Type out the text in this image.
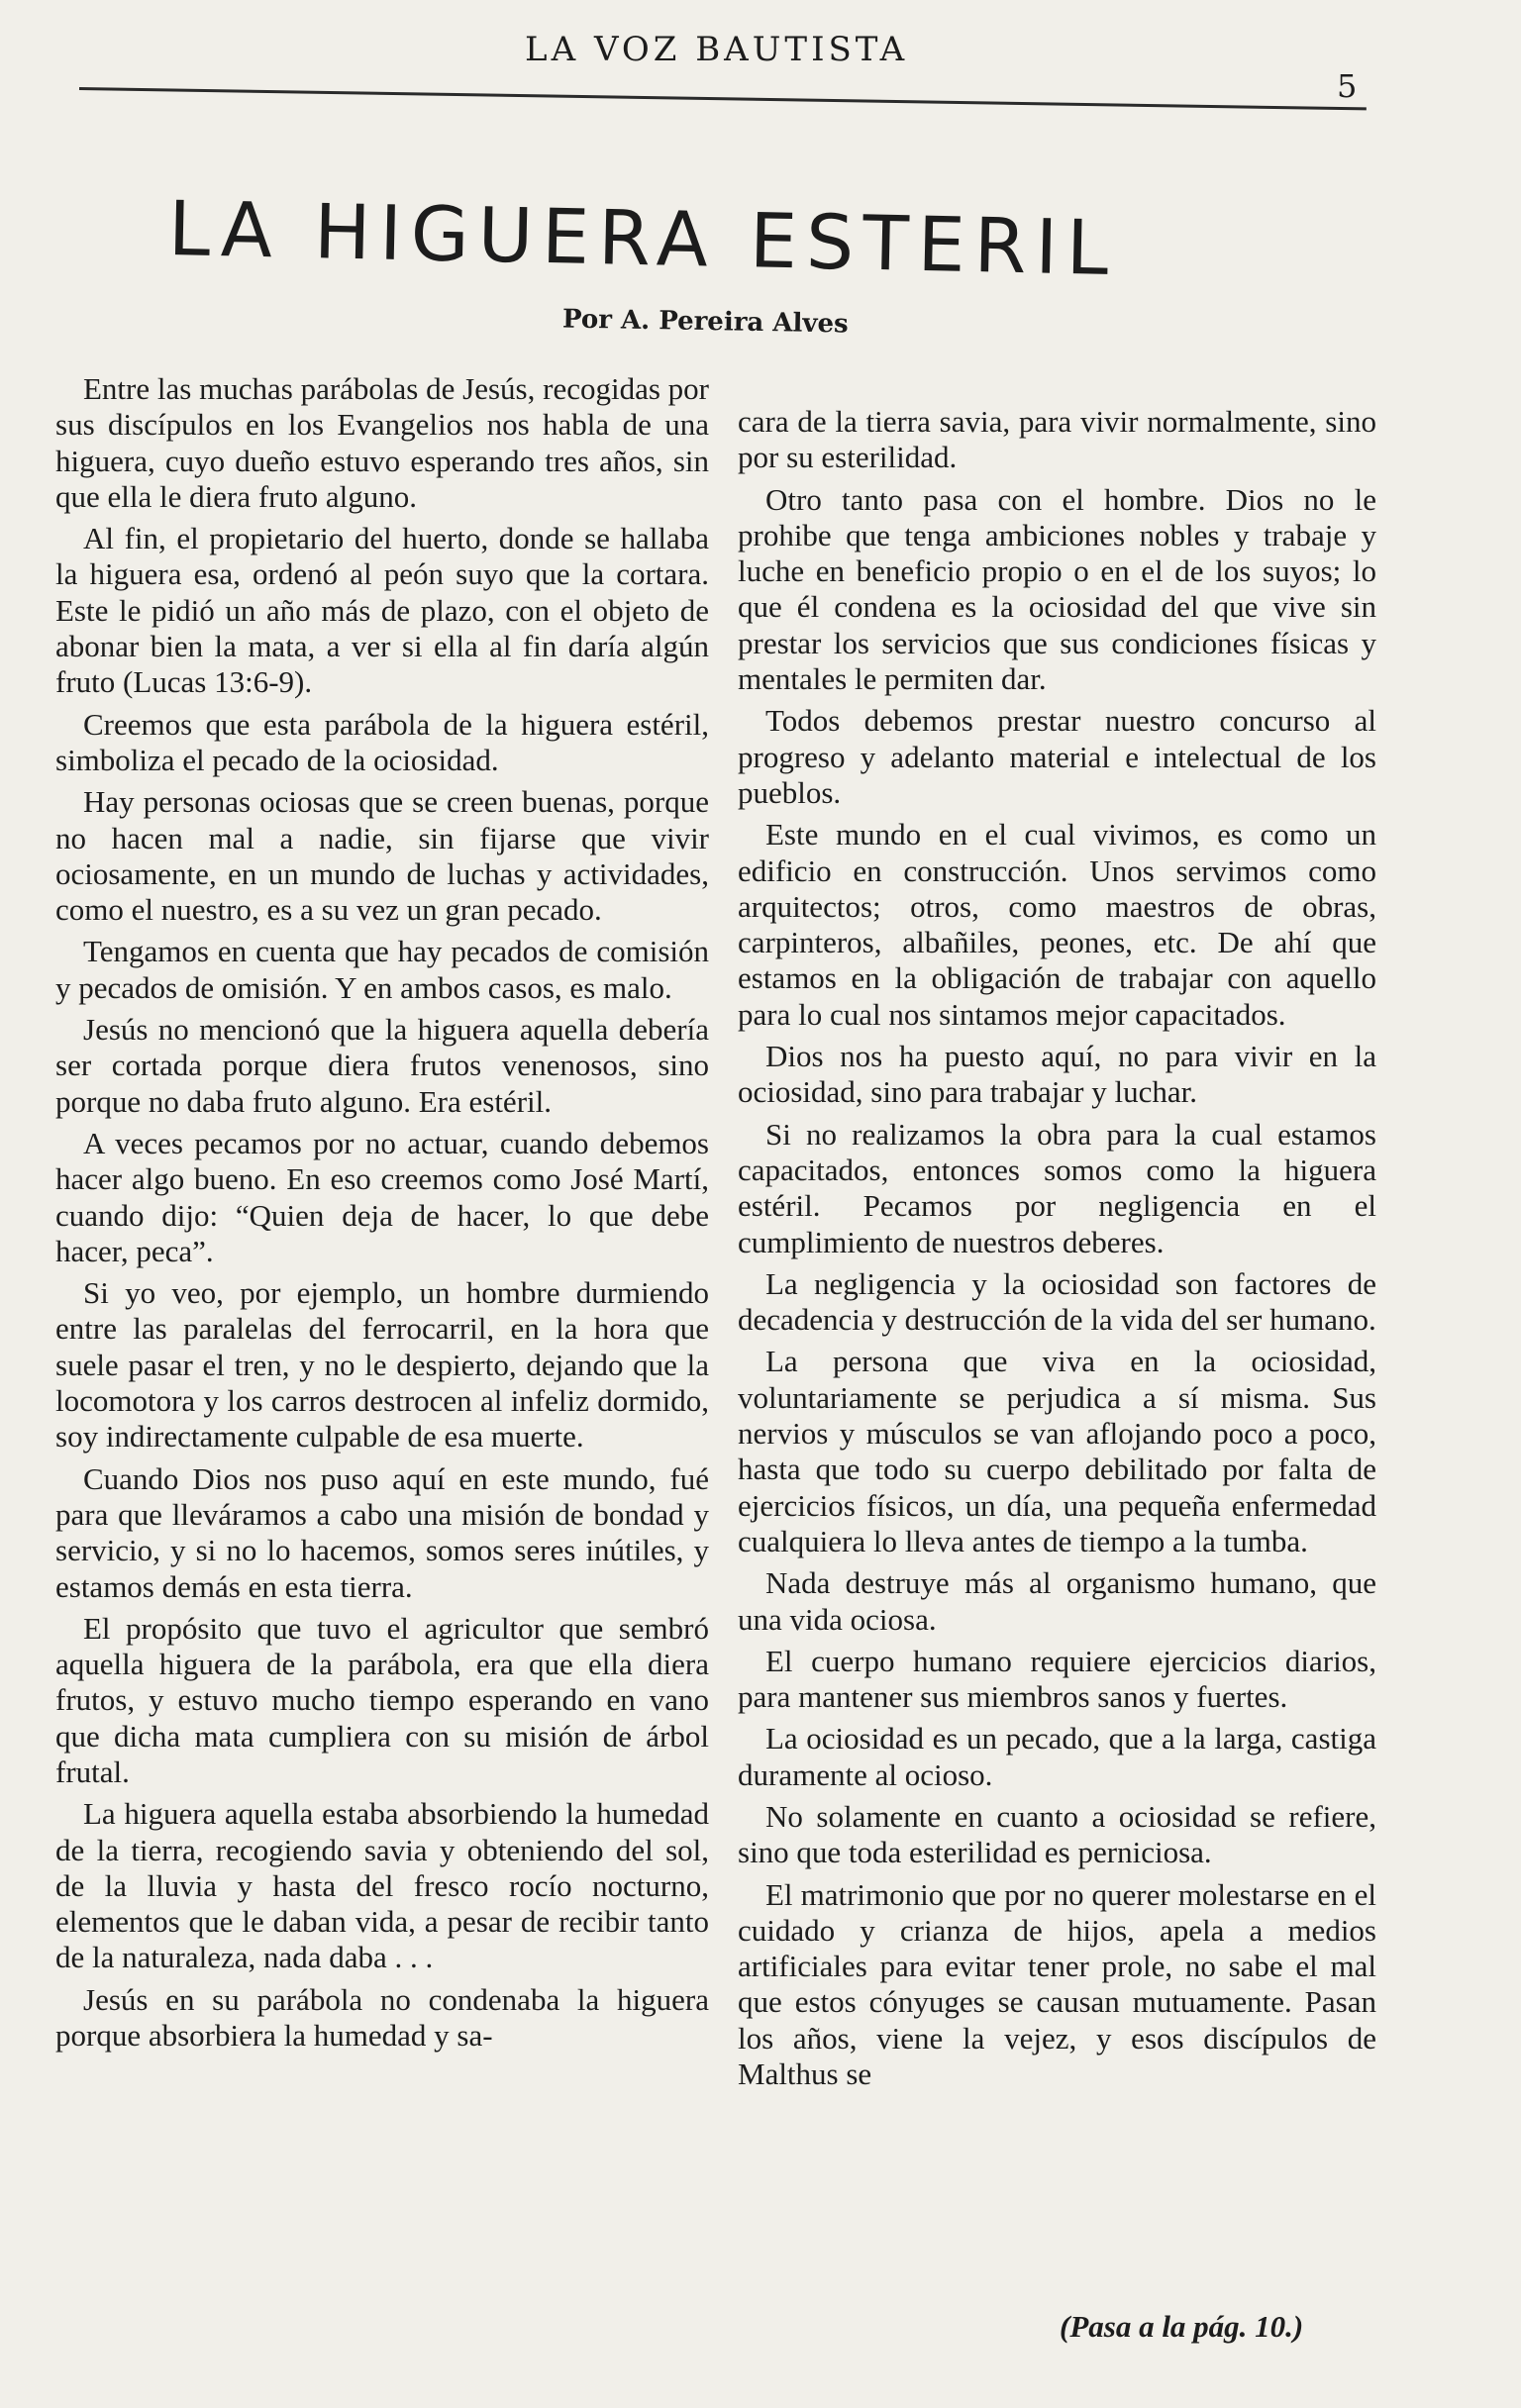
LA VOZ BAUTISTA
5
LA HIGUERA ESTERIL
Por A. Pereira Alves

Entre las muchas parábolas de Jesús, recogidas por sus discípulos en los Evangelios nos habla de una higuera, cuyo dueño estuvo esperando tres años, sin que ella le diera fruto alguno.

Al fin, el propietario del huerto, donde se hallaba la higuera esa, ordenó al peón suyo que la cortara. Este le pidió un año más de plazo, con el objeto de abonar bien la mata, a ver si ella al fin daría algún fruto (Lucas 13:6-9).

Creemos que esta parábola de la higuera estéril, simboliza el pecado de la ociosidad.

Hay personas ociosas que se creen buenas, porque no hacen mal a nadie, sin fijarse que vivir ociosamente, en un mundo de luchas y actividades, como el nuestro, es a su vez un gran pecado.

Tengamos en cuenta que hay pecados de comisión y pecados de omisión. Y en ambos casos, es malo.

Jesús no mencionó que la higuera aquella debería ser cortada porque diera frutos venenosos, sino porque no daba fruto alguno. Era estéril.

A veces pecamos por no actuar, cuando debemos hacer algo bueno. En eso creemos como José Martí, cuando dijo: “Quien deja de hacer, lo que debe hacer, peca”.

Si yo veo, por ejemplo, un hombre durmiendo entre las paralelas del ferrocarril, en la hora que suele pasar el tren, y no le despierto, dejando que la locomotora y los carros destrocen al infeliz dormido, soy indirectamente culpable de esa muerte.

Cuando Dios nos puso aquí en este mundo, fué para que lleváramos a cabo una misión de bondad y servicio, y si no lo hacemos, somos seres inútiles, y estamos demás en esta tierra.

El propósito que tuvo el agricultor que sembró aquella higuera de la parábola, era que ella diera frutos, y estuvo mucho tiempo esperando en vano que dicha mata cumpliera con su misión de árbol frutal.

La higuera aquella estaba absorbiendo la humedad de la tierra, recogiendo savia y obteniendo del sol, de la lluvia y hasta del fresco rocío nocturno, elementos que le daban vida, a pesar de recibir tanto de la naturaleza, nada daba . . .

Jesús en su parábola no condenaba la higuera porque absorbiera la humedad y sa-

cara de la tierra savia, para vivir normalmente, sino por su esterilidad.

Otro tanto pasa con el hombre. Dios no le prohibe que tenga ambiciones nobles y trabaje y luche en beneficio propio o en el de los suyos; lo que él condena es la ociosidad del que vive sin prestar los servicios que sus condiciones físicas y mentales le permiten dar.

Todos debemos prestar nuestro concurso al progreso y adelanto material e intelectual de los pueblos.

Este mundo en el cual vivimos, es como un edificio en construcción. Unos servimos como arquitectos; otros, como maestros de obras, carpinteros, albañiles, peones, etc. De ahí que estamos en la obligación de trabajar con aquello para lo cual nos sintamos mejor capacitados.

Dios nos ha puesto aquí, no para vivir en la ociosidad, sino para trabajar y luchar.

Si no realizamos la obra para la cual estamos capacitados, entonces somos como la higuera estéril. Pecamos por negligencia en el cumplimiento de nuestros deberes.

La negligencia y la ociosidad son factores de decadencia y destrucción de la vida del ser humano.

La persona que viva en la ociosidad, voluntariamente se perjudica a sí misma. Sus nervios y músculos se van aflojando poco a poco, hasta que todo su cuerpo debilitado por falta de ejercicios físicos, un día, una pequeña enfermedad cualquiera lo lleva antes de tiempo a la tumba.

Nada destruye más al organismo humano, que una vida ociosa.

El cuerpo humano requiere ejercicios diarios, para mantener sus miembros sanos y fuertes.

La ociosidad es un pecado, que a la larga, castiga duramente al ocioso.

No solamente en cuanto a ociosidad se refiere, sino que toda esterilidad es perniciosa.

El matrimonio que por no querer molestarse en el cuidado y crianza de hijos, apela a medios artificiales para evitar tener prole, no sabe el mal que estos cónyuges se causan mutuamente. Pasan los años, viene la vejez, y esos discípulos de Malthus se

(Pasa a la pág. 10.)
